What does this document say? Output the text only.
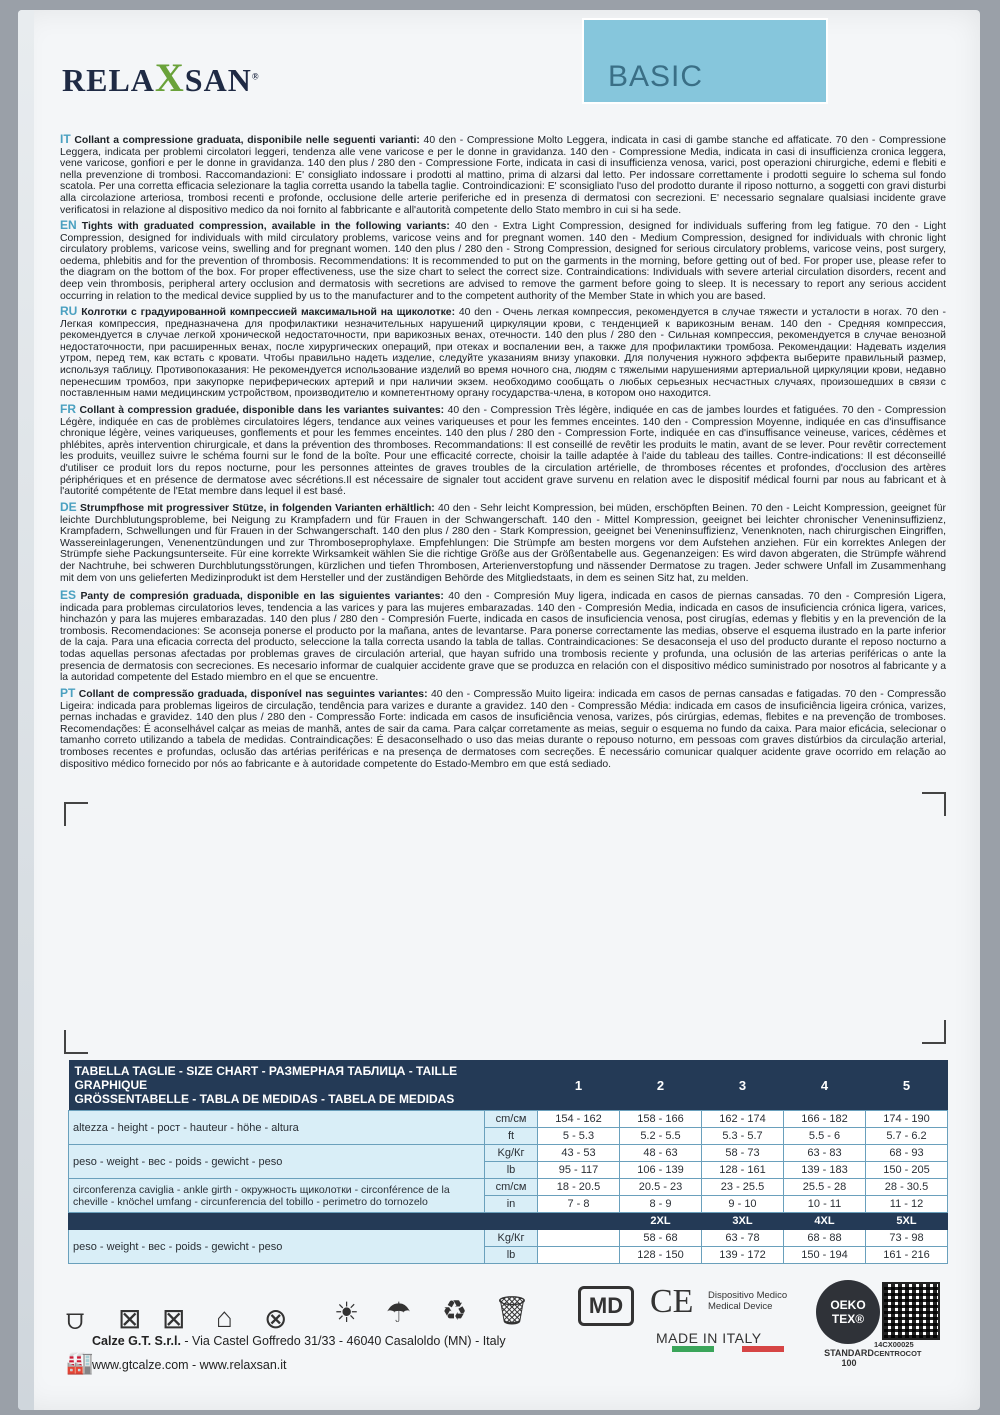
RELAXSAN®	BASIC
IT Collant a compressione graduata, disponibile nelle seguenti varianti: 40 den - Compressione Molto Leggera, indicata in casi di gambe stanche ed affaticate. 70 den - Compressione Leggera, indicata per problemi circolatori leggeri, tendenza alle vene varicose e per le donne in gravidanza. 140 den - Compressione Media, indicata in casi di insufficienza cronica leggera, vene varicose, gonfiori e per le donne in gravidanza. 140 den plus / 280 den - Compressione Forte, indicata in casi di insufficienza venosa, varici, post operazioni chirurgiche, edemi e flebiti e nella prevenzione di trombosi. Raccomandazioni: E' consigliato indossare i prodotti al mattino, prima di alzarsi dal letto. Per indossare correttamente i prodotti seguire lo schema sul fondo scatola. Per una corretta efficacia selezionare la taglia corretta usando la tabella taglie. Controindicazioni: E' sconsigliato l'uso del prodotto durante il riposo notturno, a soggetti con gravi disturbi alla circolazione arteriosa, trombosi recenti e profonde, occlusione delle arterie periferiche ed in presenza di dermatosi con secrezioni. E' necessario segnalare qualsiasi incidente grave verificatosi in relazione al dispositivo medico da noi fornito al fabbricante e all'autorità competente dello Stato membro in cui si ha sede.
EN Tights with graduated compression, available in the following variants: 40 den - Extra Light Compression, designed for individuals suffering from leg fatigue. 70 den - Light Compression, designed for individuals with mild circulatory problems, varicose veins and for pregnant women. 140 den - Medium Compression, designed for individuals with chronic light circulatory problems, varicose veins, swelling and for pregnant women. 140 den plus / 280 den - Strong Compression, designed for serious circulatory problems, varicose veins, post surgery, oedema, phlebitis and for the prevention of thrombosis. Recommendations: It is recommended to put on the garments in the morning, before getting out of bed. For proper use, please refer to the diagram on the bottom of the box. For proper effectiveness, use the size chart to select the correct size. Contraindications: Individuals with severe arterial circulation disorders, recent and deep vein thrombosis, peripheral artery occlusion and dermatosis with secretions are advised to remove the garment before going to sleep. It is necessary to report any serious accident occurring in relation to the medical device supplied by us to the manufacturer and to the competent authority of the Member State in which you are based.
RU Колготки с градуированной компрессией максимальной на щиколотке: 40 den - Очень легкая компрессия, рекомендуется в случае тяжести и усталости в ногах. 70 den - Легкая компрессия, предназначена для профилактики незначительных нарушений циркуляции крови, с тенденцией к варикозным венам. 140 den - Средняя компрессия, рекомендуется в случае легкой хронической недостаточности, при варикозных венах, отечности. 140 den plus / 280 den - Сильная компрессия, рекомендуется в случае венозной недостаточности, при расширенных венах, после хирургических операций, при отеках и воспалении вен, а также для профилактики тромбоза. Рекомендации: Надевать изделия утром, перед тем, как встать с кровати. Чтобы правильно надеть изделие, следуйте указаниям внизу упаковки. Для получения нужного эффекта выберите правильный размер, используя таблицу. Противопоказания: Не рекомендуется использование изделий во время ночного сна, людям с тяжелыми нарушениями артериальной циркуляции крови, недавно перенесшим тромбоз, при закупорке периферических артерий и при наличии экзем. необходимо сообщать о любых серьезных несчастных случаях, произошедших в связи с поставленным нами медицинским устройством, производителю и компетентному органу государства-члена, в котором оно находится.
FR Collant à compression graduée, disponible dans les variantes suivantes: 40 den - Compression Très légère, indiquée en cas de jambes lourdes et fatiguées. 70 den - Compression Légère, indiquée en cas de problèmes circulatoires légers, tendance aux veines variqueuses et pour les femmes enceintes. 140 den - Compression Moyenne, indiquée en cas d'insuffisance chronique légère, veines variqueuses, gonflements et pour les femmes enceintes. 140 den plus / 280 den - Compression Forte, indiquée en cas d'insuffisance veineuse, varices, cédèmes et phlébites, après intervention chirurgicale, et dans la prévention des thromboses. Recommandations: Il est conseillé de revêtir les produits le matin, avant de se lever. Pour revêtir correctement les produits, veuillez suivre le schéma fourni sur le fond de la boîte. Pour une efficacité correcte, choisir la taille adaptée à l'aide du tableau des tailles. Contre-indications: Il est déconseillé d'utiliser ce produit lors du repos nocturne, pour les personnes atteintes de graves troubles de la circulation artérielle, de thromboses récentes et profondes, d'occlusion des artères périphériques et en présence de dermatose avec sécrétions.Il est nécessaire de signaler tout accident grave survenu en relation avec le dispositif médical fourni par nous au fabricant et à l'autorité compétente de l'Etat membre dans lequel il est basé.
DE Strumpfhose mit progressiver Stütze, in folgenden Varianten erhältlich: 40 den - Sehr leicht Kompression, bei müden, erschöpften Beinen. 70 den - Leicht Kompression, geeignet für leichte Durchblutungsprobleme, bei Neigung zu Krampfadern und für Frauen in der Schwangerschaft. 140 den - Mittel Kompression, geeignet bei leichter chronischer Veneninsuffizienz, Krampfadern, Schwellungen und für Frauen in der Schwangerschaft. 140 den plus / 280 den - Stark Kompression, geeignet bei Veneninsuffizienz, Venenknoten, nach chirurgischen Eingriffen, Wassereinlagerungen, Venenentzündungen und zur Thromboseprophylaxe. Empfehlungen: Die Strümpfe am besten morgens vor dem Aufstehen anziehen. Für ein korrektes Anlegen der Strümpfe siehe Packungsunterseite. Für eine korrekte Wirksamkeit wählen Sie die richtige Größe aus der Größentabelle aus. Gegenanzeigen: Es wird davon abgeraten, die Strümpfe während der Nachtruhe, bei schweren Durchblutungsstörungen, kürzlichen und tiefen Thrombosen, Arterienverstopfung und nässender Dermatose zu tragen. Jeder schwere Unfall im Zusammenhang mit dem von uns gelieferten Medizinprodukt ist dem Hersteller und der zuständigen Behörde des Mitgliedstaats, in dem es seinen Sitz hat, zu melden.
ES Panty de compresión graduada, disponible en las siguientes variantes: 40 den - Compresión Muy ligera, indicada en casos de piernas cansadas. 70 den - Compresión Ligera, indicada para problemas circulatorios leves, tendencia a las varices y para las mujeres embarazadas. 140 den - Compresión Media, indicada en casos de insuficiencia crónica ligera, varices, hinchazón y para las mujeres embarazadas. 140 den plus / 280 den - Compresión Fuerte, indicada en casos de insuficiencia venosa, post cirugías, edemas y flebitis y en la prevención de la trombosis. Recomendaciones: Se aconseja ponerse el producto por la mañana, antes de levantarse. Para ponerse correctamente las medias, observe el esquema ilustrado en la parte inferior de la caja. Para una eficacia correcta del producto, seleccione la talla correcta usando la tabla de tallas. Contraindicaciones: Se desaconseja el uso del producto durante el reposo nocturno a todas aquellas personas afectadas por problemas graves de circulación arterial, que hayan sufrido una trombosis reciente y profunda, una oclusión de las arterias periféricas o ante la presencia de dermatosis con secreciones. Es necesario informar de cualquier accidente grave que se produzca en relación con el dispositivo médico suministrado por nosotros al fabricante y a la autoridad competente del Estado miembro en el que se encuentre.
PT Collant de compressão graduada, disponível nas seguintes variantes: 40 den - Compressão Muito ligeira: indicada em casos de pernas cansadas e fatigadas. 70 den - Compressão Ligeira: indicada para problemas ligeiros de circulação, tendência para varizes e durante a gravidez. 140 den - Compressão Média: indicada em casos de insuficiência ligeira crónica, varizes, pernas inchadas e gravidez. 140 den plus / 280 den - Compressão Forte: indicada em casos de insuficiência venosa, varizes, pós cirúrgias, edemas, flebites e na prevenção de tromboses. Recomendações: É aconselhável calçar as meias de manhã, antes de sair da cama. Para calçar corretamente as meias, seguir o esquema no fundo da caixa. Para maior eficácia, selecionar o tamanho correto utilizando a tabela de medidas. Contraindicações: É desaconselhado o uso das meias durante o repouso noturno, em pessoas com graves distúrbios da circulação arterial, tromboses recentes e profundas, oclusão das artérias periféricas e na presença de dermatoses com secreções. É necessário comunicar qualquer acidente grave ocorrido em relação ao dispositivo médico fornecido por nós ao fabricante e à autoridade competente do Estado-Membro em que está sediado.
TABELLA TAGLIE - SIZE CHART - РАЗМЕРНАЯ ТАБЛИЦА - TAILLE GRAPHIQUE
GRÖSSENTABELLE - TABLA DE MEDIDAS - TABELA DE MEDIDAS		1	2	3	4	5
altezza - height - рост - hauteur - höhe - altura	cm/см	154 - 162	158 - 166	162 - 174	166 - 182	174 - 190
	ft	5 - 5.3	5.2 - 5.5	5.3 - 5.7	5.5 - 6	5.7 - 6.2
peso - weight - вес - poids - gewicht - peso	Kg/Кг	43 - 53	48 - 63	58 - 73	63 - 83	68 - 93
	lb	95 - 117	106 - 139	128 - 161	139 - 183	150 - 205
circonferenza caviglia - ankle girth - окружность щиколотки - circonférence de la cheville - knöchel umfang - circunferencia del tobillo - perimetro do tornozelo	cm/см	18 - 20.5	20.5 - 23	23 - 25.5	25.5 - 28	28 - 30.5
	in	7 - 8	8 - 9	9 - 10	10 - 11	11 - 12
			2XL	3XL	4XL	5XL
peso - weight - вес - poids - gewicht - peso	Kg/Кг		58 - 68	63 - 78	68 - 88	73 - 98
	lb		128 - 150	139 - 172	150 - 194	161 - 216
⩌ ⊠ ⊠ ⌂ ⊗ ☀ ☂ ♻ 🗑	MD CE Dispositivo Medico
Medical Device
MADE IN ITALY
OEKO
TEX®
STANDARD
100
14CX00025
CENTROCOT
🏭
Calze G.T. S.r.l. - Via Castel Goffredo 31/33 - 46040 Casaloldo (MN) - Italy
www.gtcalze.com - www.relaxsan.it
